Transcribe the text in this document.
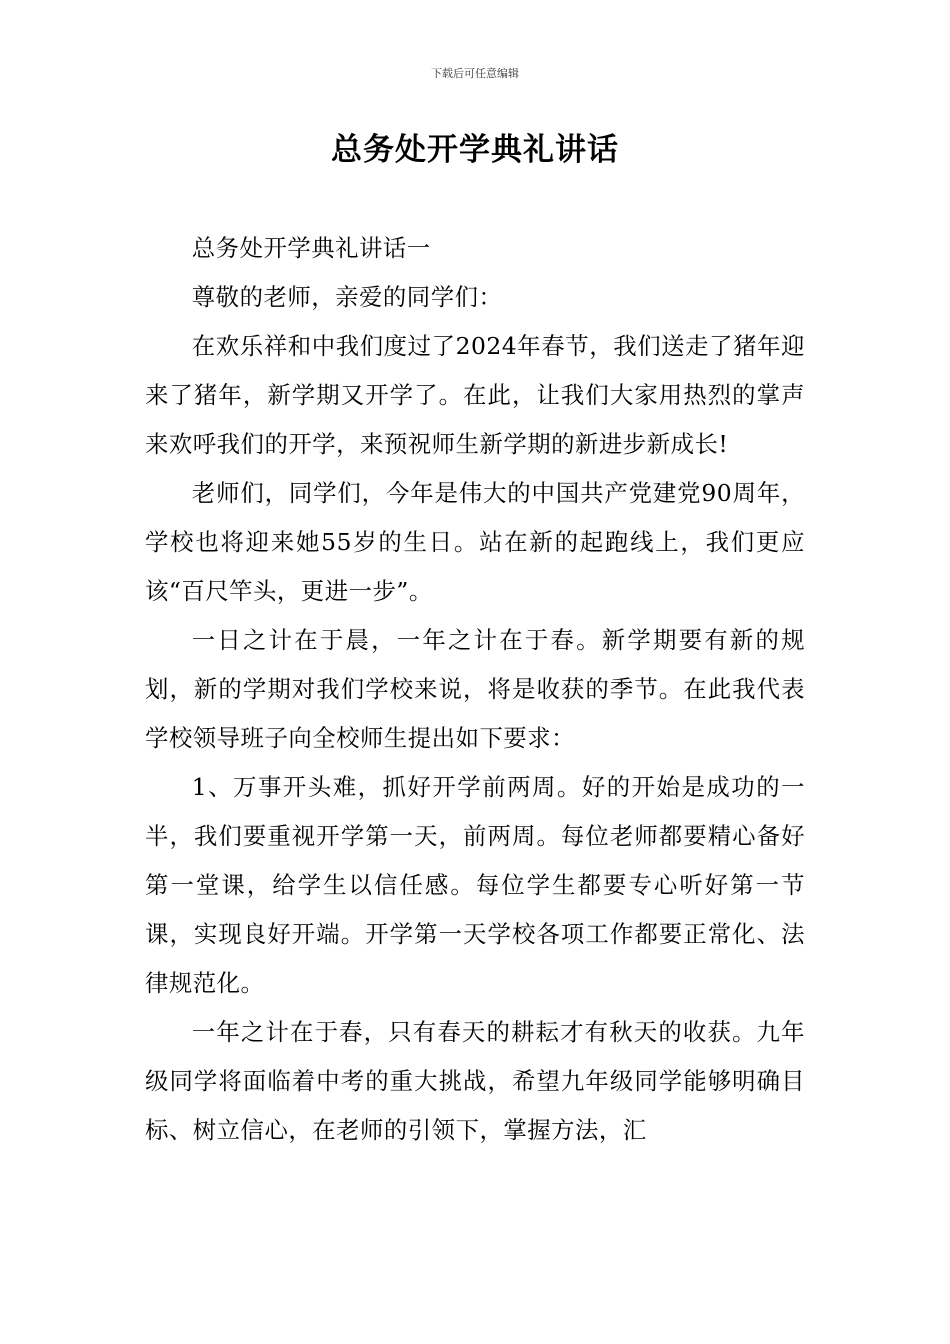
下载后可任意编辑
总务处开学典礼讲话

总务处开学典礼讲话一

尊敬的老师，亲爱的同学们：

在欢乐祥和中我们度过了2024年春节，我们送走了猪年迎来了猪年，新学期又开学了。在此，让我们大家用热烈的掌声来欢呼我们的开学，来预祝师生新学期的新进步新成长!

老师们，同学们，今年是伟大的中国共产党建党90周年，学校也将迎来她55岁的生日。站在新的起跑线上，我们更应该“百尺竿头，更进一步”。

一日之计在于晨，一年之计在于春。新学期要有新的规划，新的学期对我们学校来说，将是收获的季节。在此我代表学校领导班子向全校师生提出如下要求：

1、万事开头难，抓好开学前两周。好的开始是成功的一半，我们要重视开学第一天，前两周。每位老师都要精心备好第一堂课，给学生以信任感。每位学生都要专心听好第一节课，实现良好开端。开学第一天学校各项工作都要正常化、法律规范化。

一年之计在于春，只有春天的耕耘才有秋天的收获。九年级同学将面临着中考的重大挑战，希望九年级同学能够明确目标、树立信心，在老师的引领下，掌握方法，汇
